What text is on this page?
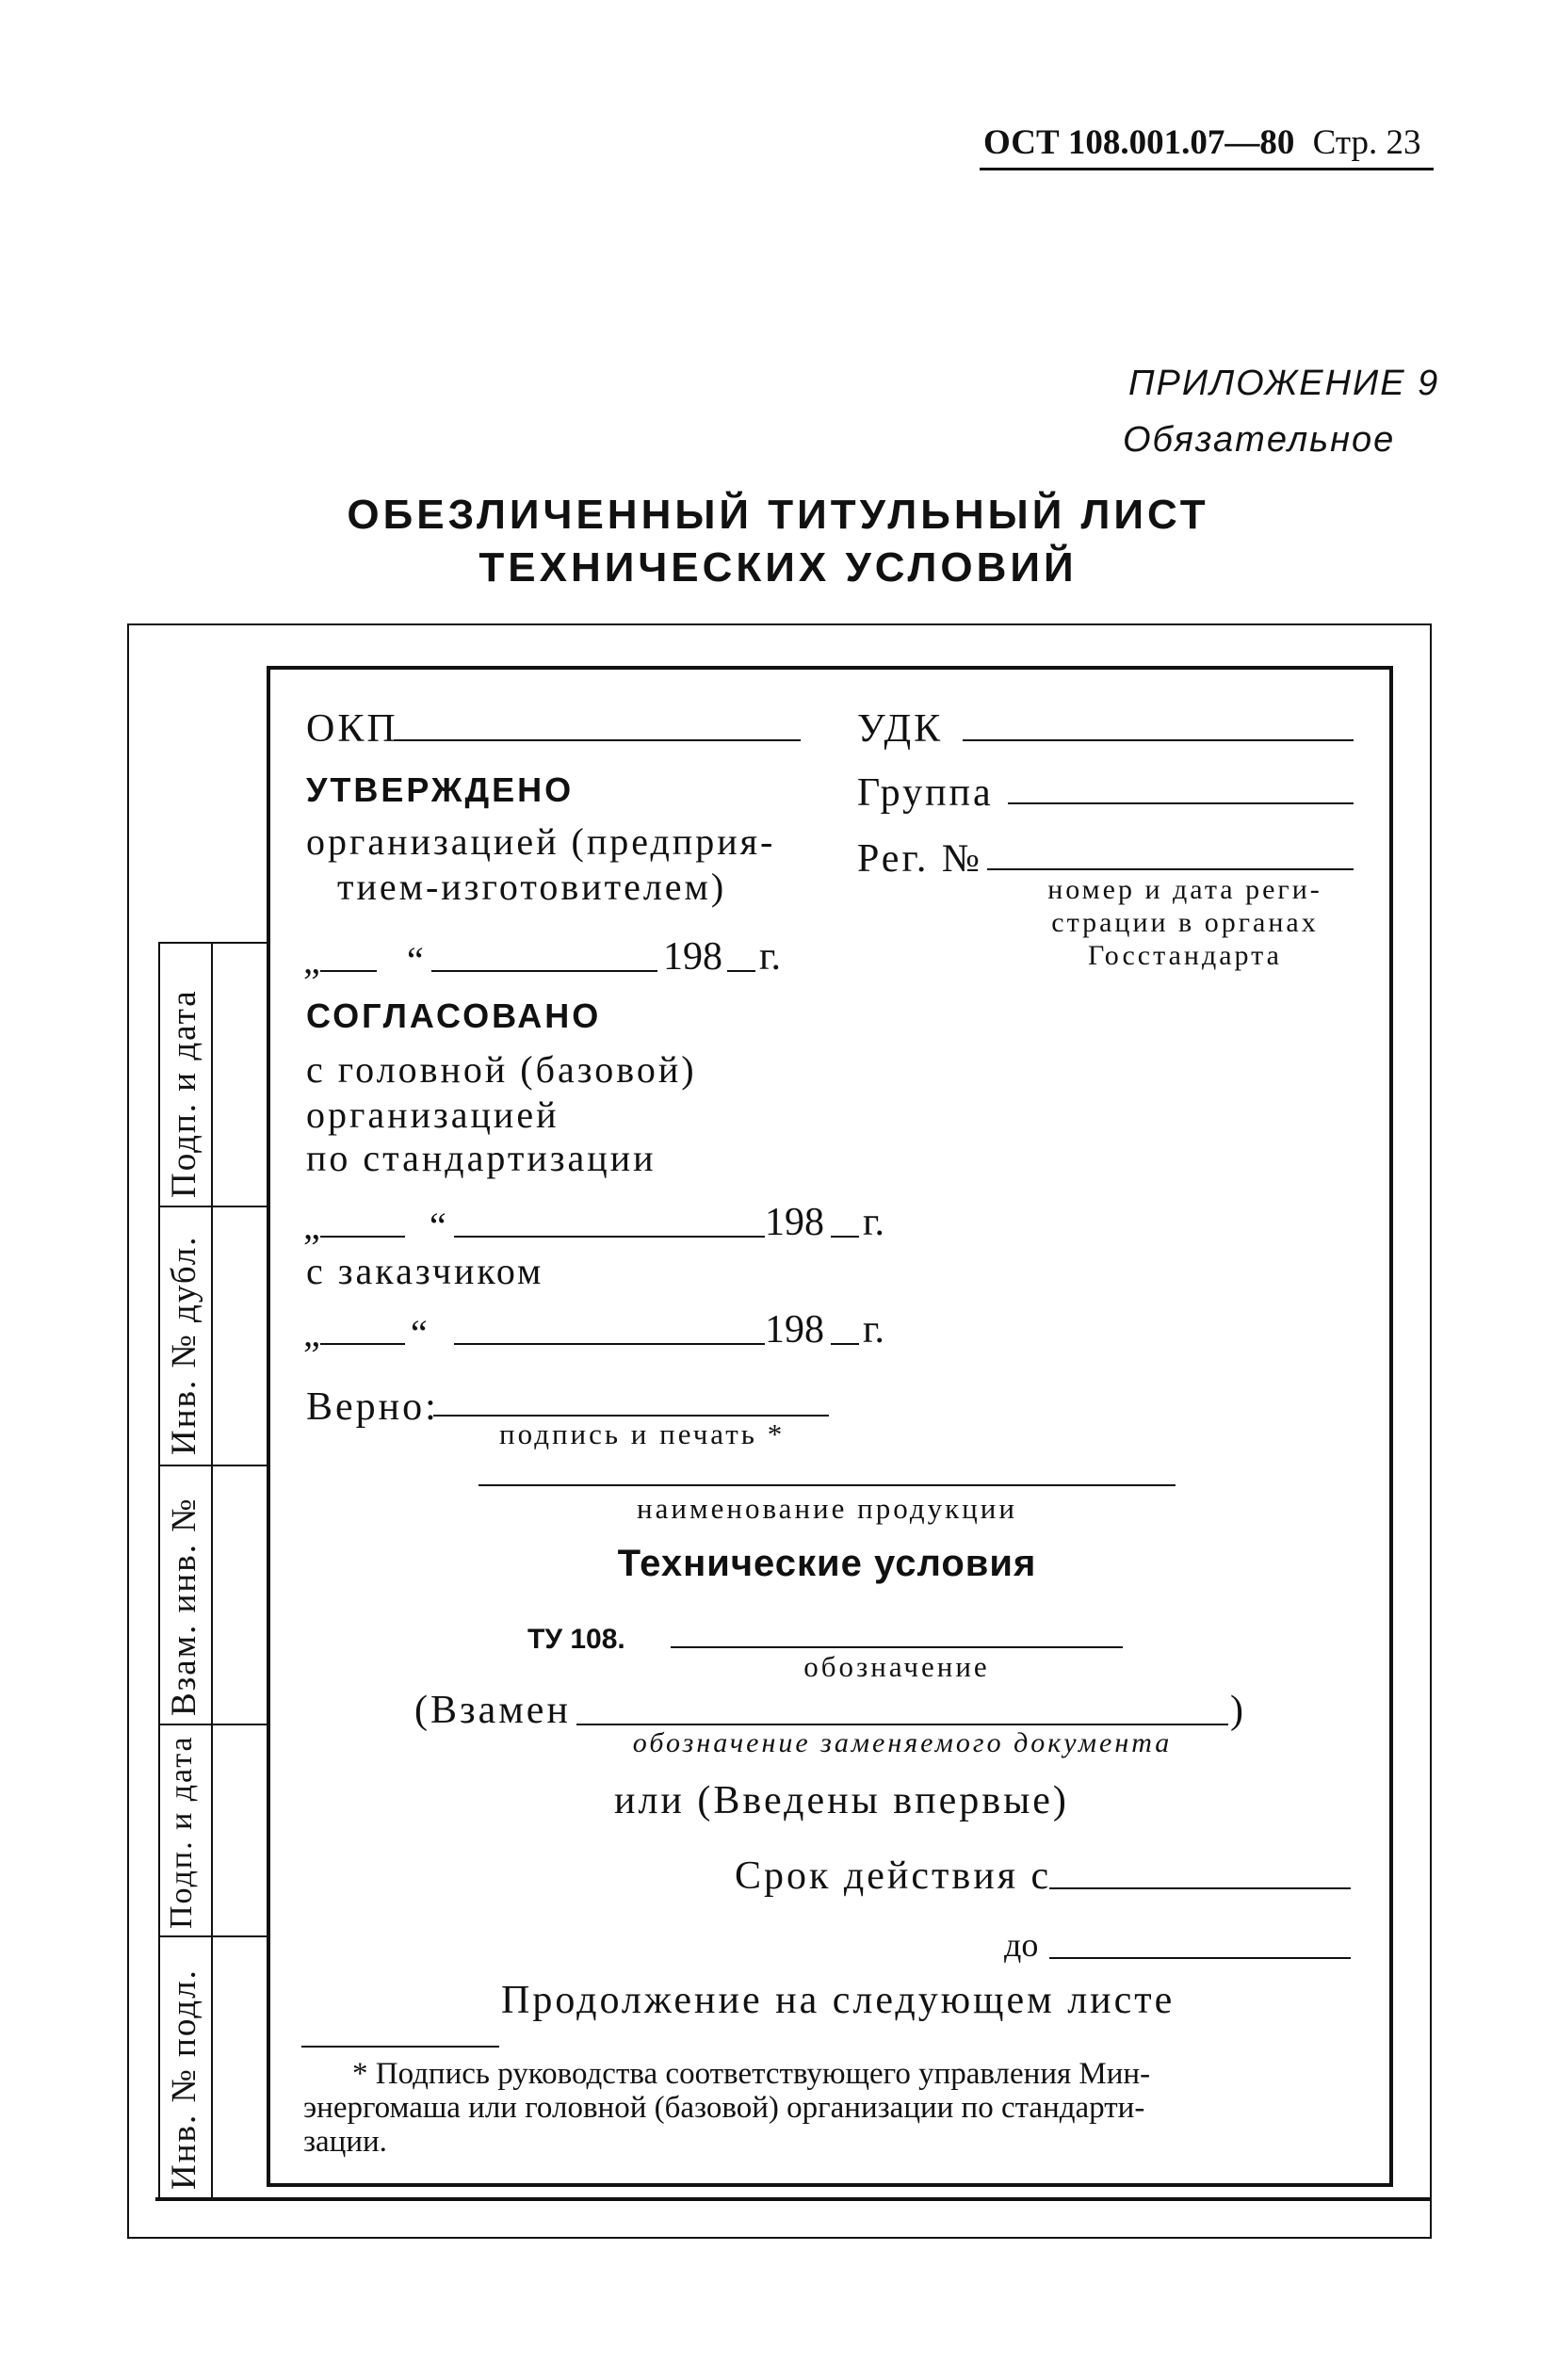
ОСТ 108.001.07—80 Стр. 23
ПРИЛОЖЕНИЕ 9
Обязательное
ОБЕЗЛИЧЕННЫЙ ТИТУЛЬНЫЙ ЛИСТ
ТЕХНИЧЕСКИХ УСЛОВИЙ
Подп. и дата
Инв. № дубл.
Взам. инв. №
Подп. и дата
Инв. № подл.
ОКП
УТВЕРЖДЕНО
организацией (предприя-
тием-изготовителем)
„ “	198 г.
СОГЛАСОВАНО
с головной (базовой)
организацией
по стандартизации
„	“	198 г.
с заказчиком
„ “	198 г.
Верно:
подпись и печать *
УДК
Группа
Рег. №
номер и дата реги-
страции в органах
Госстандарта
наименование продукции
Технические условия
ТУ 108.
обозначение
(Взамен	)
обозначение заменяемого документа
или (Введены впервые)
Срок действия с
до
Продолжение на следующем листе
* Подпись руководства соответствующего управления Мин-
энергомаша или головной (базовой) организации по стандарти-
зации.
